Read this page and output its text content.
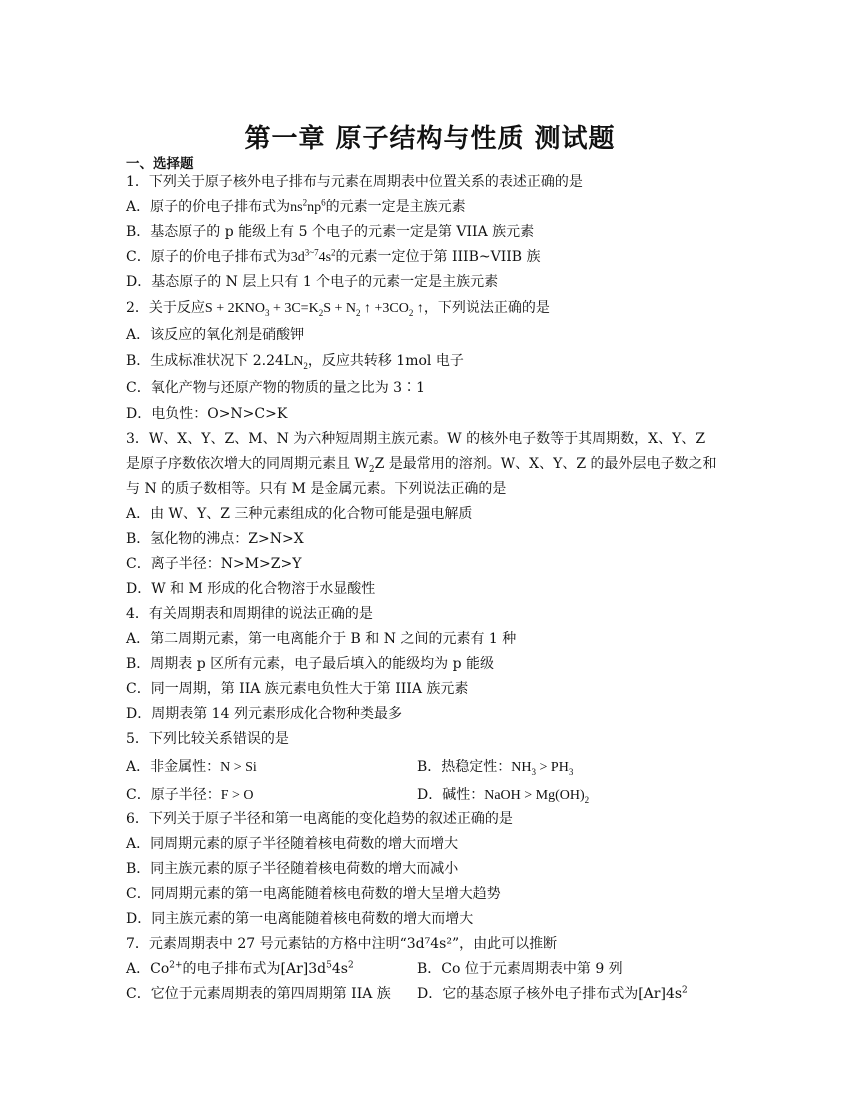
第一章 原子结构与性质 测试题
一、选择题
1．下列关于原子核外电子排布与元素在周期表中位置关系的表述正确的是
A．原子的价电子排布式为$ns^2np^6$的元素一定是主族元素
B．基态原子的 p 能级上有 5 个电子的元素一定是第 VIIA 族元素
C．原子的价电子排布式为$3d^{3\sim 7}4s^2$的元素一定位于第 IIIB~VIIB 族
D．基态原子的 N 层上只有 1 个电子的元素一定是主族元素
2．关于反应$S + 2KNO_3 + 3C=K_2S + N_2$ ↑ $+3CO_2$ ↑，下列说法正确的是
A．该反应的氧化剂是硝酸钾
B．生成标准状况下 $2.24LN_2$，反应共转移 1mol 电子
C．氧化产物与还原产物的物质的量之比为 3∶1
D．电负性：O>N>C>K
3．W、X、Y、Z、M、N 为六种短周期主族元素。W 的核外电子数等于其周期数，X、Y、Z
是原子序数依次增大的同周期元素且 $W_2Z$ 是最常用的溶剂。W、X、Y、Z 的最外层电子数之和
与 N 的质子数相等。只有 M 是金属元素。下列说法正确的是
A．由 W、Y、Z 三种元素组成的化合物可能是强电解质
B．氢化物的沸点：Z>N>X
C．离子半径：N>M>Z>Y
D．W 和 M 形成的化合物溶于水显酸性
4．有关周期表和周期律的说法正确的是
A．第二周期元素，第一电离能介于 B 和 N 之间的元素有 1 种
B．周期表 p 区所有元素，电子最后填入的能级均为 p 能级
C．同一周期，第 IIA 族元素电负性大于第 IIIA 族元素
D．周期表第 14 列元素形成化合物种类最多
5．下列比较关系错误的是
A．非金属性：N > Si	B．热稳定性：$NH_3 > PH_3$
C．原子半径：F > O	D．碱性：NaOH > $Mg(OH)_2$
6．下列关于原子半径和第一电离能的变化趋势的叙述正确的是
A．同周期元素的原子半径随着核电荷数的增大而增大
B．同主族元素的原子半径随着核电荷数的增大而减小
C．同周期元素的第一电离能随着核电荷数的增大呈增大趋势
D．同主族元素的第一电离能随着核电荷数的增大而增大
7．元素周期表中 27 号元素钴的方格中注明“3d⁷4s²”，由此可以推断
A．$Co^{2+}$的电子排布式为$[Ar]3d^54s^2$	B．Co 位于元素周期表中第 9 列
C．它位于元素周期表的第四周期第 IIA 族 D．它的基态原子核外电子排布式为$[Ar]4s^2$
